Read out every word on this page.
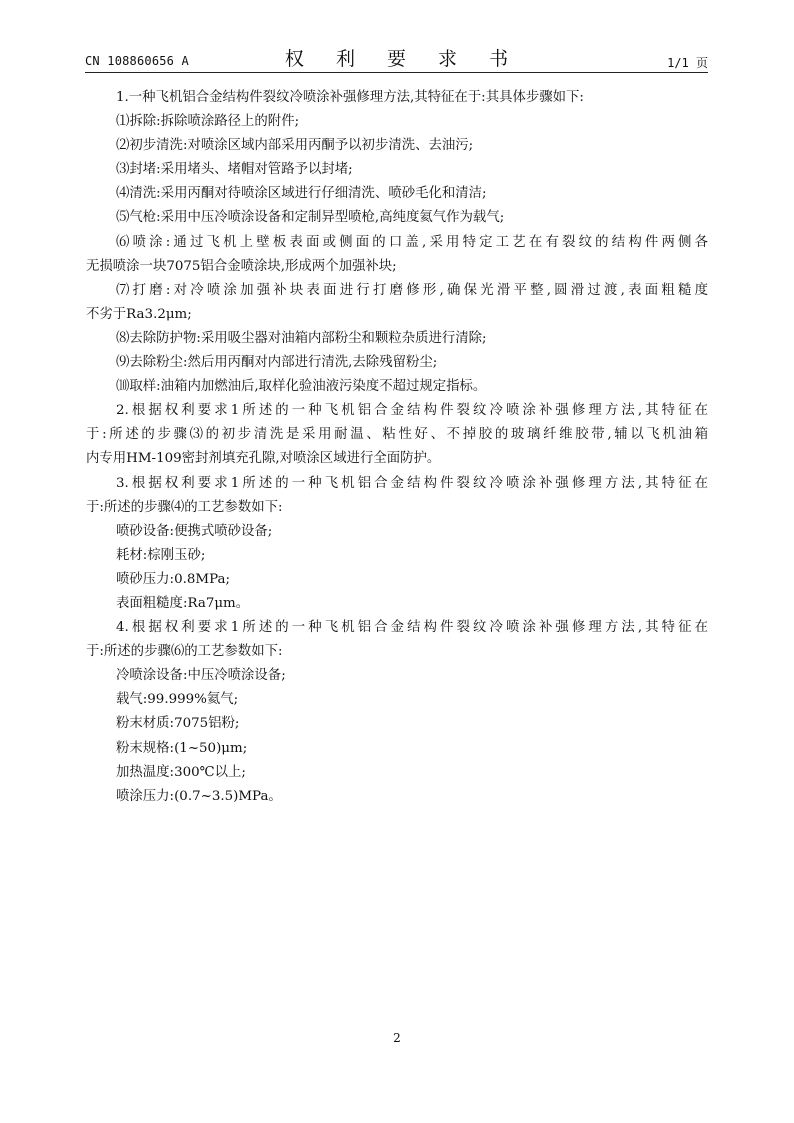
CN 108860656 A	权 利 要 求 书	1/1 页
1.一种飞机铝合金结构件裂纹冷喷涂补强修理方法,其特征在于:其具体步骤如下:
⑴拆除:拆除喷涂路径上的附件;
⑵初步清洗:对喷涂区域内部采用丙酮予以初步清洗、去油污;
⑶封堵:采用堵头、堵帽对管路予以封堵;
⑷清洗:采用丙酮对待喷涂区域进行仔细清洗、喷砂毛化和清洁;
⑸气枪:采用中压冷喷涂设备和定制异型喷枪,高纯度氦气作为载气;
⑹喷涂:通过飞机上壁板表面或侧面的口盖,采用特定工艺在有裂纹的结构件两侧各
无损喷涂一块7075铝合金喷涂块,形成两个加强补块;
⑺打磨:对冷喷涂加强补块表面进行打磨修形,确保光滑平整,圆滑过渡,表面粗糙度
不劣于Ra3.2μm;
⑻去除防护物:采用吸尘器对油箱内部粉尘和颗粒杂质进行清除;
⑼去除粉尘:然后用丙酮对内部进行清洗,去除残留粉尘;
⑽取样:油箱内加燃油后,取样化验油液污染度不超过规定指标。
2.根据权利要求1所述的一种飞机铝合金结构件裂纹冷喷涂补强修理方法,其特征在
于:所述的步骤⑶的初步清洗是采用耐温、粘性好、不掉胶的玻璃纤维胶带,辅以飞机油箱
内专用HM-109密封剂填充孔隙,对喷涂区域进行全面防护。
3.根据权利要求1所述的一种飞机铝合金结构件裂纹冷喷涂补强修理方法,其特征在
于:所述的步骤⑷的工艺参数如下:
喷砂设备:便携式喷砂设备;
耗材:棕刚玉砂;
喷砂压力:0.8MPa;
表面粗糙度:Ra7μm。
4.根据权利要求1所述的一种飞机铝合金结构件裂纹冷喷涂补强修理方法,其特征在
于:所述的步骤⑹的工艺参数如下:
冷喷涂设备:中压冷喷涂设备;
载气:99.999%氦气;
粉末材质:7075铝粉;
粉末规格:(1~50)μm;
加热温度:300℃以上;
喷涂压力:(0.7~3.5)MPa。
2
